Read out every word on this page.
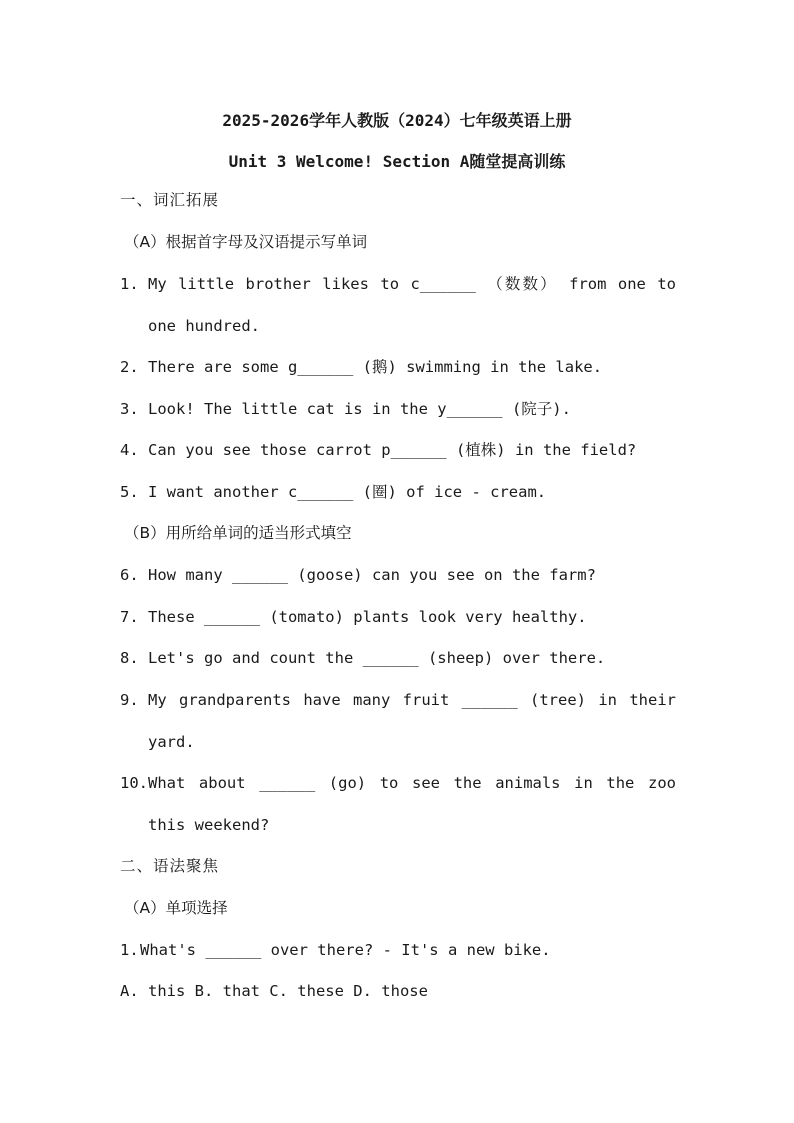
2025-2026学年人教版（2024）七年级英语上册
Unit 3 Welcome! Section A随堂提高训练
一、词汇拓展
（A）根据首字母及汉语提示写单词
1. My little brother likes to c______ （数数） from one to
one hundred.
2. There are some g______ (鹅) swimming in the lake.
3. Look! The little cat is in the y______ (院子).
4. Can you see those carrot p______ (植株) in the field?
5. I want another c______ (圈) of ice - cream.
（B）用所给单词的适当形式填空
6. How many ______ (goose) can you see on the farm?
7. These ______ (tomato) plants look very healthy.
8. Let's go and count the ______ (sheep) over there.
9. My grandparents have many fruit ______ (tree) in their
yard.
10. What about ______ (go) to see the animals in the zoo
this weekend?
二、语法聚焦
（A）单项选择
1. What's ______ over there? - It's a new bike.
A. this B. that C. these D. those
